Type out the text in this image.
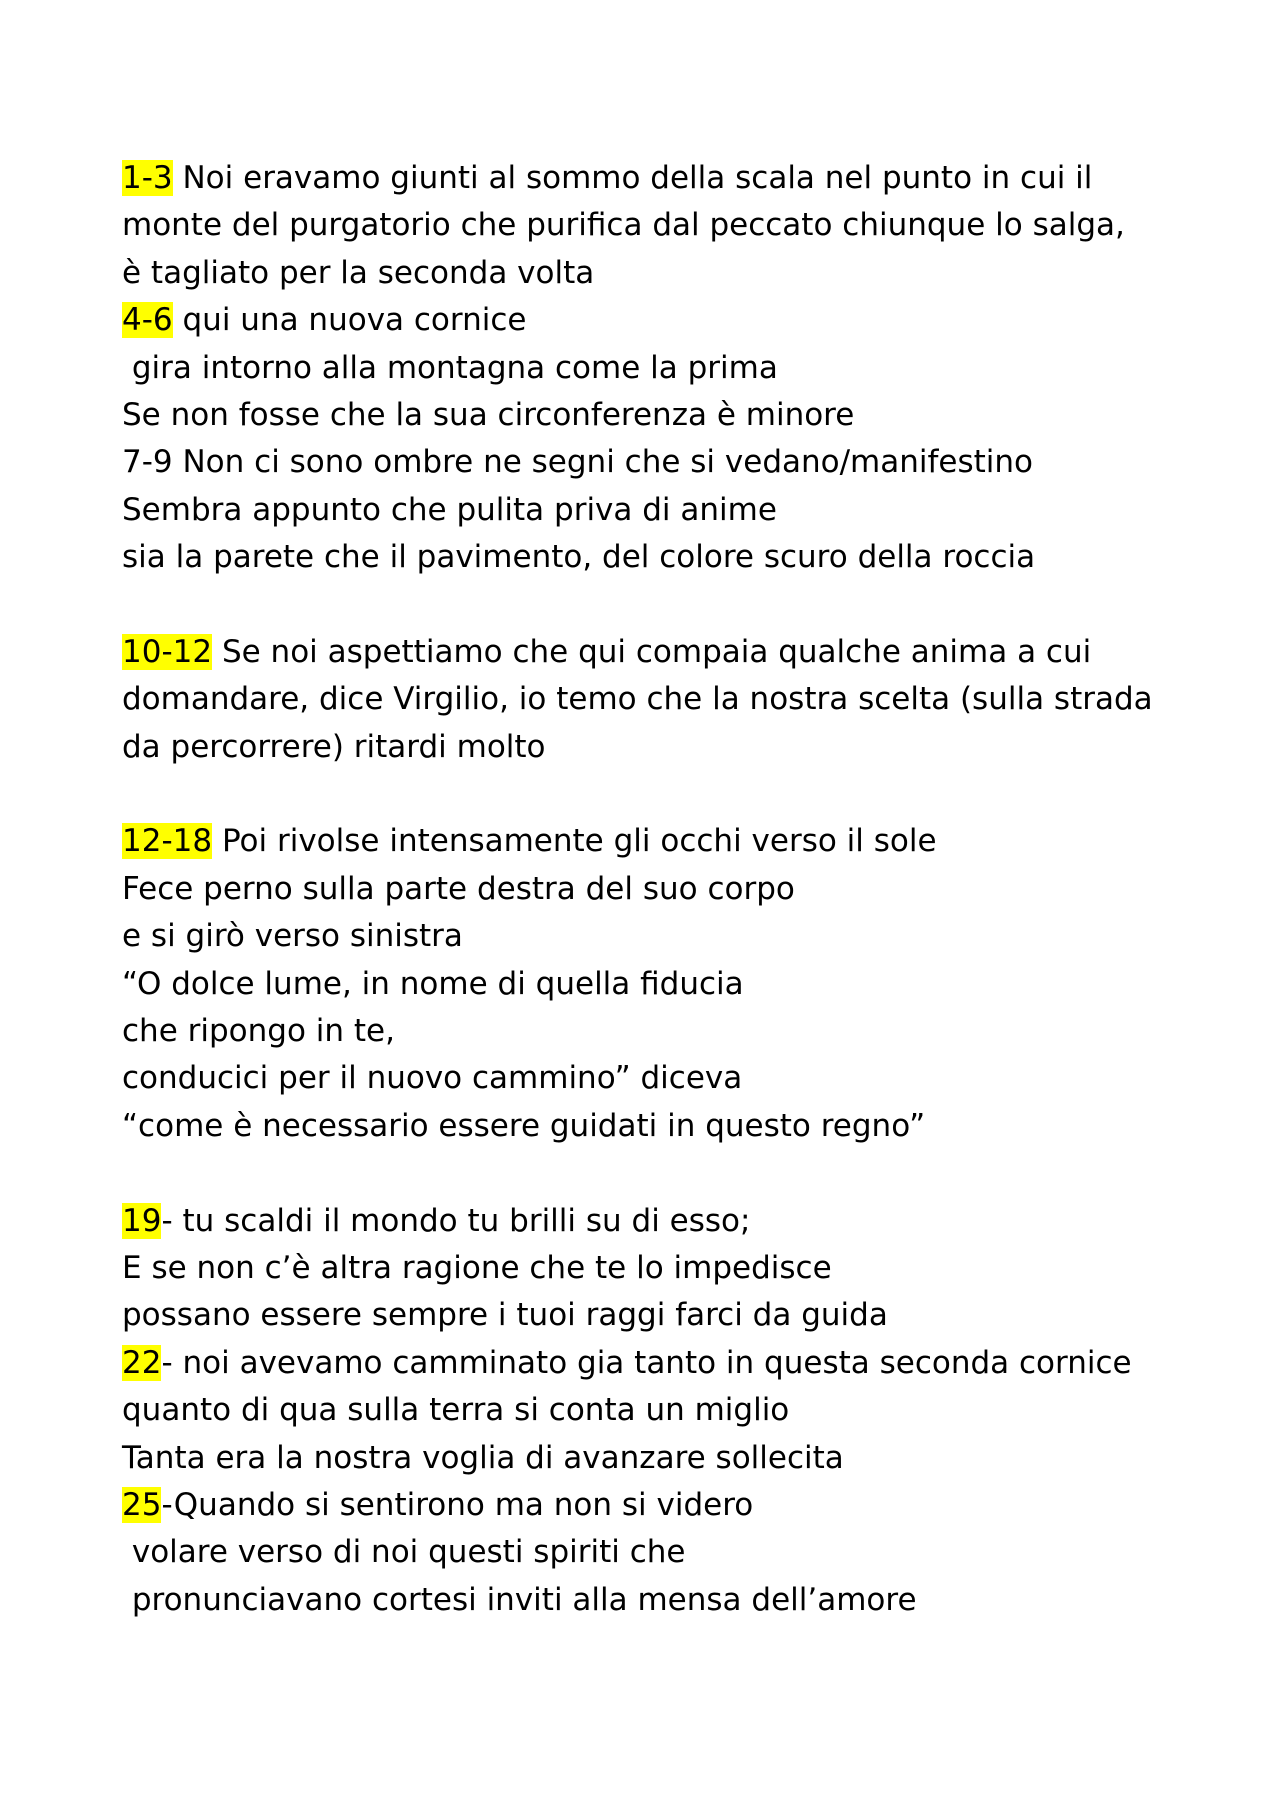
1-3 Noi eravamo giunti al sommo della scala nel punto in cui il
monte del purgatorio che purifica dal peccato chiunque lo salga,
è tagliato per la seconda volta
4-6 qui una nuova cornice
gira intorno alla montagna come la prima
Se non fosse che la sua circonferenza è minore
7-9 Non ci sono ombre ne segni che si vedano/manifestino
Sembra appunto che pulita priva di anime
sia la parete che il pavimento, del colore scuro della roccia
10-12 Se noi aspettiamo che qui compaia qualche anima a cui
domandare, dice Virgilio, io temo che la nostra scelta (sulla strada
da percorrere) ritardi molto
12-18 Poi rivolse intensamente gli occhi verso il sole
Fece perno sulla parte destra del suo corpo
e si girò verso sinistra
“O dolce lume, in nome di quella fiducia
che ripongo in te,
conducici per il nuovo cammino” diceva
“come è necessario essere guidati in questo regno”
19- tu scaldi il mondo tu brilli su di esso;
E se non c’è altra ragione che te lo impedisce
possano essere sempre i tuoi raggi farci da guida
22- noi avevamo camminato gia tanto in questa seconda cornice
quanto di qua sulla terra si conta un miglio
Tanta era la nostra voglia di avanzare sollecita
25-Quando si sentirono ma non si videro
volare verso di noi questi spiriti che
pronunciavano cortesi inviti alla mensa dell’amore
